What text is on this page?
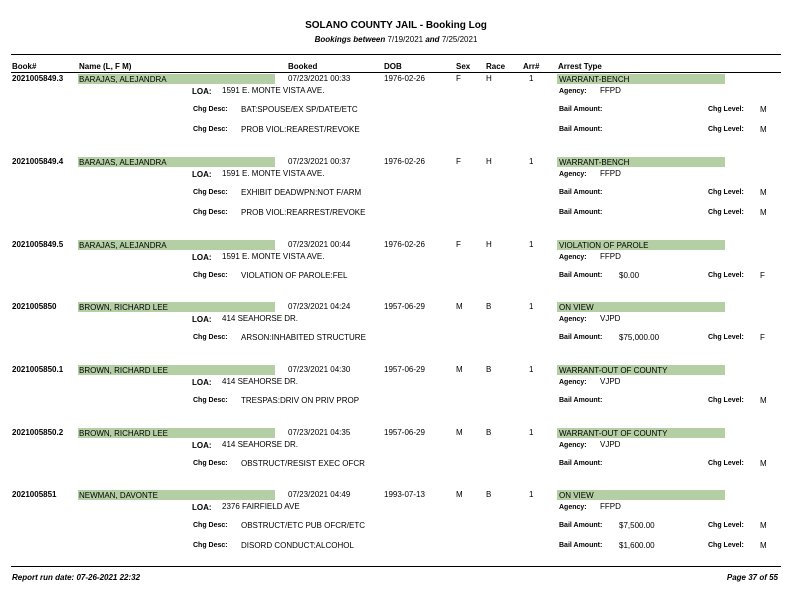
SOLANO COUNTY JAIL - Booking Log
Bookings between 7/19/2021 and 7/25/2021
Book#	Name (L, F M)	Booked	DOB	Sex Race Arr# Arrest Type
2021005849.3 BARAJAS, ALEJANDRA	07/23/2021 00:33	1976-02-26	F	H	1	WARRANT-BENCH
LOA: 1591 E. MONTE VISTA AVE.	Agency: FFPD
Chg Desc: BAT:SPOUSE/EX SP/DATE/ETC	Bail Amount:	Chg Level: M
Chg Desc: PROB VIOL:REAREST/REVOKE	Bail Amount:	Chg Level: M
2021005849.4 BARAJAS, ALEJANDRA	07/23/2021 00:37	1976-02-26	F	H	1	WARRANT-BENCH
LOA: 1591 E. MONTE VISTA AVE.	Agency: FFPD
Chg Desc: EXHIBIT DEADWPN:NOT F/ARM	Bail Amount:	Chg Level: M
Chg Desc: PROB VIOL:REARREST/REVOKE	Bail Amount:	Chg Level: M
2021005849.5 BARAJAS, ALEJANDRA	07/23/2021 00:44	1976-02-26	F	H	1	VIOLATION OF PAROLE
LOA: 1591 E. MONTE VISTA AVE.	Agency: FFPD
Chg Desc: VIOLATION OF PAROLE:FEL	Bail Amount: $0.00	Chg Level: F
2021005850	BROWN, RICHARD LEE	07/23/2021 04:24	1957-06-29	M	B	1	ON VIEW
LOA: 414 SEAHORSE DR.	Agency: VJPD
Chg Desc: ARSON:INHABITED STRUCTURE	Bail Amount: $75,000.00	Chg Level: F
2021005850.1 BROWN, RICHARD LEE	07/23/2021 04:30	1957-06-29	M	B	1	WARRANT-OUT OF COUNTY
LOA: 414 SEAHORSE DR.	Agency: VJPD
Chg Desc: TRESPAS:DRIV ON PRIV PROP	Bail Amount:	Chg Level: M
2021005850.2 BROWN, RICHARD LEE	07/23/2021 04:35	1957-06-29	M	B	1	WARRANT-OUT OF COUNTY
LOA: 414 SEAHORSE DR.	Agency: VJPD
Chg Desc: OBSTRUCT/RESIST EXEC OFCR	Bail Amount:	Chg Level: M
2021005851	NEWMAN, DAVONTE	07/23/2021 04:49	1993-07-13	M	B	1	ON VIEW
LOA: 2376 FAIRFIELD AVE	Agency: FFPD
Chg Desc: OBSTRUCT/ETC PUB OFCR/ETC	Bail Amount: $7,500.00	Chg Level: M
Chg Desc: DISORD CONDUCT:ALCOHOL	Bail Amount: $1,600.00	Chg Level: M
Report run date: 07-26-2021 22:32	Page 37 of 55
